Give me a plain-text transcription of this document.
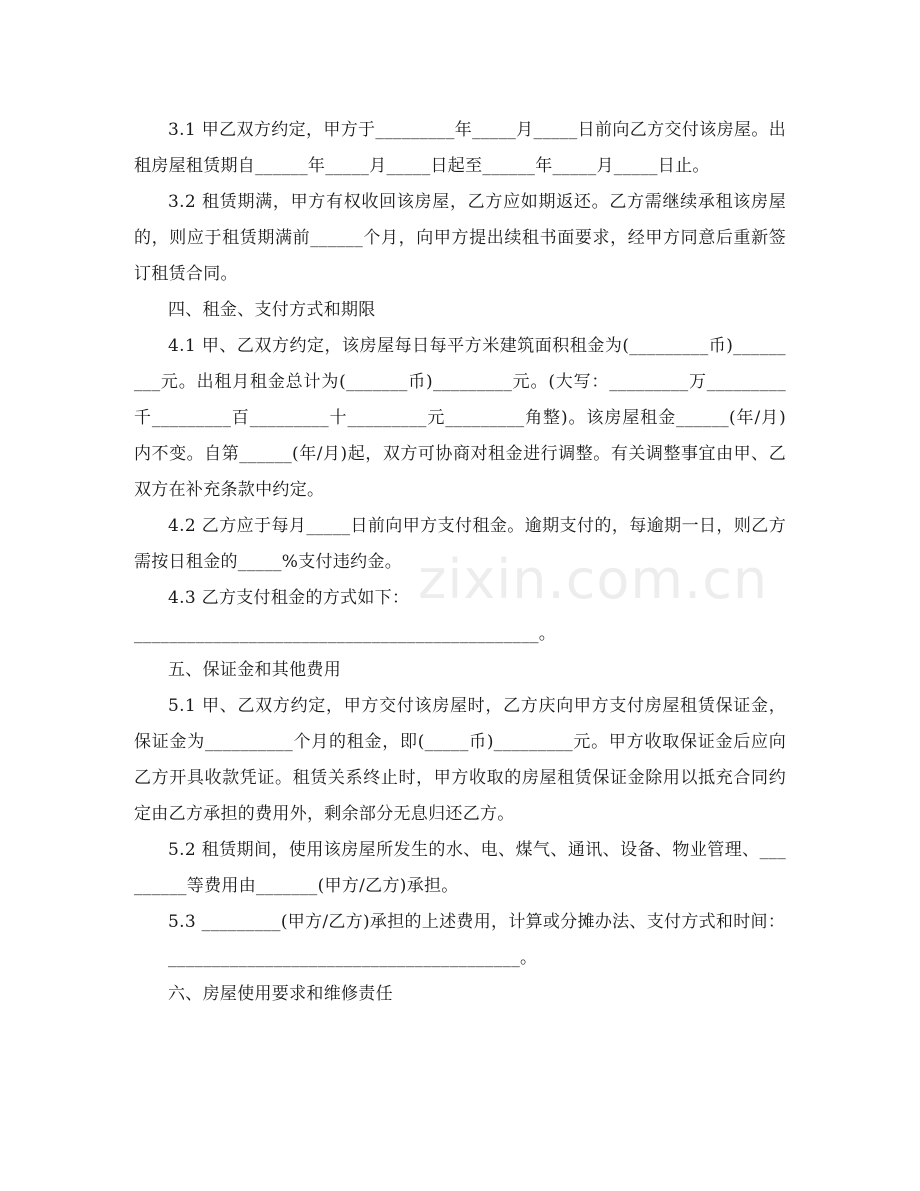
3.1 甲乙双方约定，甲方于_________年_____月_____日前向乙方交付该房屋。出租房屋租赁期自______年_____月_____日起至______年_____月_____日止。

3.2 租赁期满，甲方有权收回该房屋，乙方应如期返还。乙方需继续承租该房屋的，则应于租赁期满前______个月，向甲方提出续租书面要求，经甲方同意后重新签订租赁合同。

四、租金、支付方式和期限

4.1 甲、乙双方约定，该房屋每日每平方米建筑面积租金为(_________币)_________元。出租月租金总计为(_______币)_________元。(大写：_________万_________千_________百_________十_________元_________角整)。该房屋租金______(年/月)内不变。自第______(年/月)起，双方可协商对租金进行调整。有关调整事宜由甲、乙双方在补充条款中约定。

4.2 乙方应于每月_____日前向甲方支付租金。逾期支付的，每逾期一日，则乙方需按日租金的_____%支付违约金。

4.3 乙方支付租金的方式如下：

______________________________________________。

五、保证金和其他费用

5.1 甲、乙双方约定，甲方交付该房屋时，乙方庆向甲方支付房屋租赁保证金，保证金为__________个月的租金，即(_____币)_________元。甲方收取保证金后应向乙方开具收款凭证。租赁关系终止时，甲方收取的房屋租赁保证金除用以抵充合同约定由乙方承担的费用外，剩余部分无息归还乙方。

5.2 租赁期间，使用该房屋所发生的水、电、煤气、通讯、设备、物业管理、_________等费用由_______(甲方/乙方)承担。

5.3 _________(甲方/乙方)承担的上述费用，计算或分摊办法、支付方式和时间：

________________________________________。

六、房屋使用要求和维修责任

zixin.com.cn
